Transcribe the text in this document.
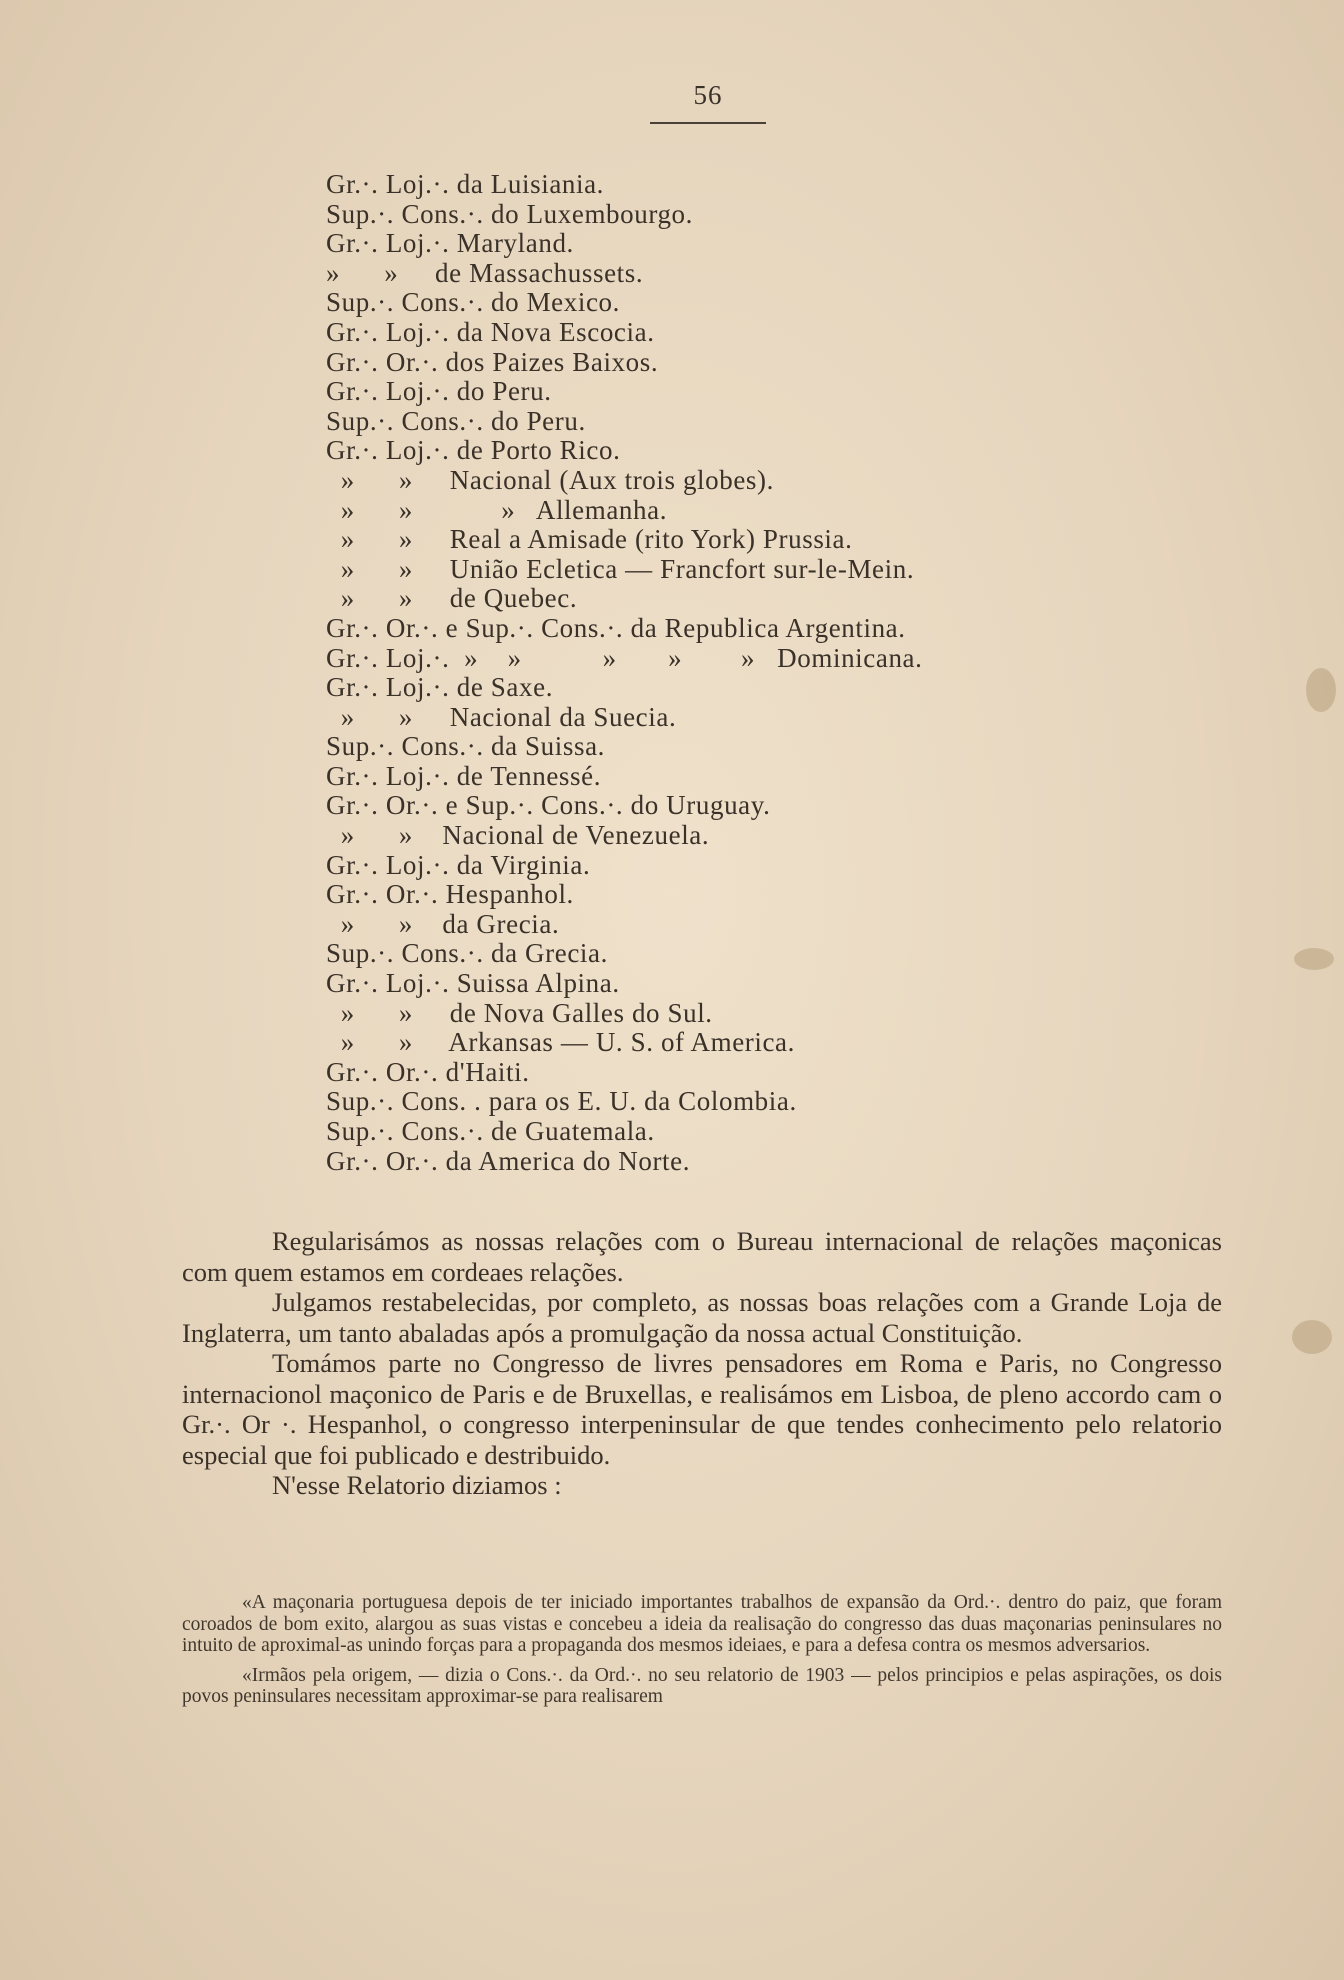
56
Gr.·. Loj.·. da Luisiania.
Sup.·. Cons.·. do Luxembourgo.
Gr.·. Loj.·. Maryland.
»      »     de Massachussets.
Sup.·. Cons.·. do Mexico.
Gr.·. Loj.·. da Nova Escocia.
Gr.·. Or.·. dos Paizes Baixos.
Gr.·. Loj.·. do Peru.
Sup.·. Cons.·. do Peru.
Gr.·. Loj.·. de Porto Rico.
»      »     Nacional (Aux trois globes).
»      »            »   Allemanha.
»      »     Real a Amisade (rito York) Prussia.
»      »     União Ecletica — Francfort sur-le-Mein.
»      »     de Quebec.
Gr.·. Or.·. e Sup.·. Cons.·. da Republica Argentina.
Gr.·. Loj.·.  »    »           »       »        »   Dominicana.
Gr.·. Loj.·. de Saxe.
»      »     Nacional da Suecia.
Sup.·. Cons.·. da Suissa.
Gr.·. Loj.·. de Tennessé.
Gr.·. Or.·. e Sup.·. Cons.·. do Uruguay.
»      »    Nacional de Venezuela.
Gr.·. Loj.·. da Virginia.
Gr.·. Or.·. Hespanhol.
»      »    da Grecia.
Sup.·. Cons.·. da Grecia.
Gr.·. Loj.·. Suissa Alpina.
»      »     de Nova Galles do Sul.
»      »     Arkansas — U. S. of America.
Gr.·. Or.·. d'Haiti.
Sup.·. Cons. . para os E. U. da Colombia.
Sup.·. Cons.·. de Guatemala.
Gr.·. Or.·. da America do Norte.

Regularisámos as nossas relações com o Bureau internacional de relações maçonicas com quem estamos em cordeaes relações.

Julgamos restabelecidas, por completo, as nossas boas relações com a Grande Loja de Inglaterra, um tanto abaladas após a promulgação da nossa actual Constituição.

Tomámos parte no Congresso de livres pensadores em Roma e Paris, no Congresso internacionol maçonico de Paris e de Bruxellas, e realisámos em Lisboa, de pleno accordo cam o Gr.·. Or ·. Hespanhol, o congresso interpeninsular de que tendes conhecimento pelo relatorio especial que foi publicado e destribuido.

N'esse Relatorio diziamos :

«A maçonaria portuguesa depois de ter iniciado importantes trabalhos de expansão da Ord.·. dentro do paiz, que foram coroados de bom exito, alargou as suas vistas e concebeu a ideia da realisação do congresso das duas maçonarias peninsulares no intuito de aproximal-as unindo forças para a propaganda dos mesmos ideiaes, e para a defesa contra os mesmos adversarios.

«Irmãos pela origem, — dizia o Cons.·. da Ord.·. no seu relatorio de 1903 — pelos principios e pelas aspirações, os dois povos peninsulares necessitam approximar-se para realisarem
